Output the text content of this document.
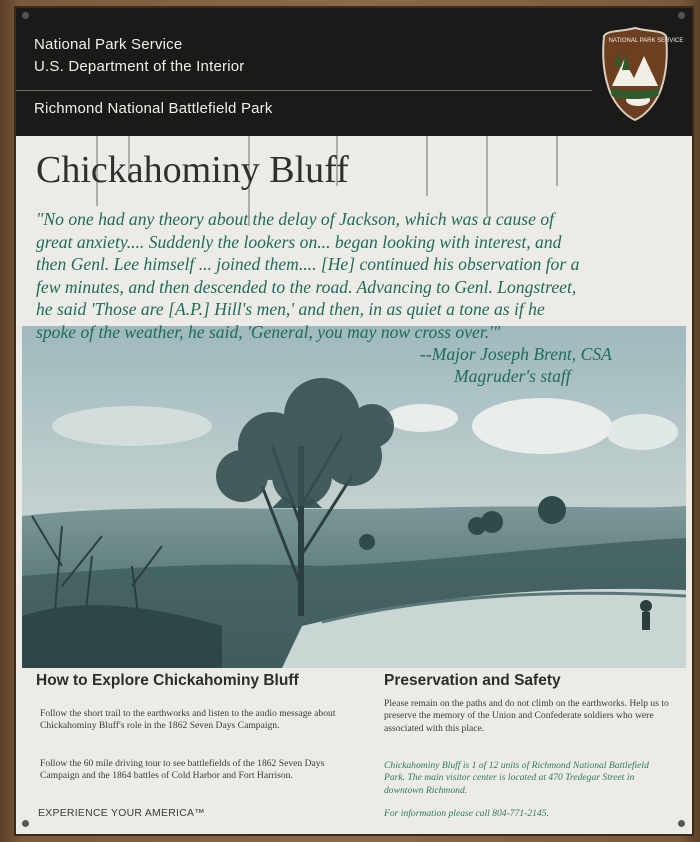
National Park Service
U.S. Department of the Interior
Richmond National Battlefield Park
NATIONAL PARK SERVICE
Chickahominy Bluff
"No one had any theory about the delay of Jackson, which was a cause of
great anxiety.... Suddenly the lookers on... began looking with interest, and
then Genl. Lee himself ... joined them.... [He] continued his observation for a
few minutes, and then descended to the road. Advancing to Genl. Longstreet,
he said 'Those are [A.P.] Hill's men,' and then, in as quiet a tone as if he
spoke of the weather, he said, 'General, you may now cross over.'"
--Major Joseph Brent, CSA
Magruder's staff
How to Explore Chickahominy Bluff
Follow the short trail to the earthworks and listen to the audio message about Chickahominy Bluff's role in the 1862 Seven Days Campaign.
Follow the 60 mile driving tour to see battlefields of the 1862 Seven Days Campaign and the 1864 battles of Cold Harbor and Fort Harrison.
Preservation and Safety
Please remain on the paths and do not climb on the earthworks. Help us to preserve the memory of the Union and Confederate soldiers who were associated with this place.
Chickahominy Bluff is 1 of 12 units of Richmond National Battlefield Park. The main visitor center is located at 470 Tredegar Street in downtown Richmond.
For information please call 804-771-2145.
EXPERIENCE YOUR AMERICA™
